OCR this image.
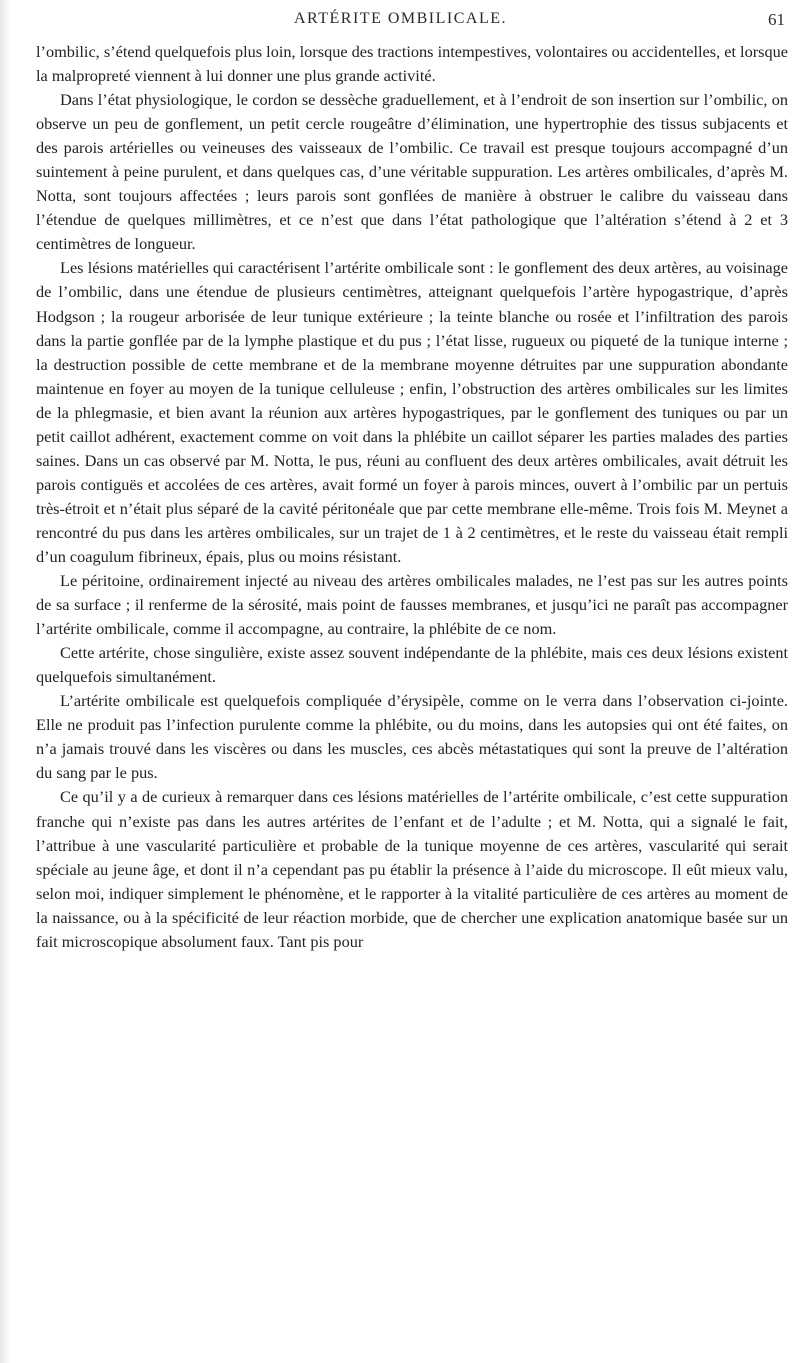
ARTÉRITE OMBILICALE.	61

l’ombilic, s’étend quelquefois plus loin, lorsque des tractions intempestives, volontaires ou accidentelles, et lorsque la malpropreté viennent à lui donner une plus grande activité.

Dans l’état physiologique, le cordon se dessèche graduellement, et à l’endroit de son insertion sur l’ombilic, on observe un peu de gonflement, un petit cercle rougeâtre d’élimination, une hypertrophie des tissus subjacents et des parois artérielles ou veineuses des vaisseaux de l’ombilic. Ce travail est presque toujours accompagné d’un suintement à peine purulent, et dans quelques cas, d’une véritable suppuration. Les artères ombilicales, d’après M. Notta, sont toujours affectées ; leurs parois sont gonflées de manière à obstruer le calibre du vaisseau dans l’étendue de quelques millimètres, et ce n’est que dans l’état pathologique que l’altération s’étend à 2 et 3 centimètres de longueur.

Les lésions matérielles qui caractérisent l’artérite ombilicale sont : le gonflement des deux artères, au voisinage de l’ombilic, dans une étendue de plusieurs centimètres, atteignant quelquefois l’artère hypogastrique, d’après Hodgson ; la rougeur arborisée de leur tunique extérieure ; la teinte blanche ou rosée et l’infiltration des parois dans la partie gonflée par de la lymphe plastique et du pus ; l’état lisse, rugueux ou piqueté de la tunique interne ; la destruction possible de cette membrane et de la membrane moyenne détruites par une suppuration abondante maintenue en foyer au moyen de la tunique celluleuse ; enfin, l’obstruction des artères ombilicales sur les limites de la phlegmasie, et bien avant la réunion aux artères hypogastriques, par le gonflement des tuniques ou par un petit caillot adhérent, exactement comme on voit dans la phlébite un caillot séparer les parties malades des parties saines. Dans un cas observé par M. Notta, le pus, réuni au confluent des deux artères ombilicales, avait détruit les parois contiguës et accolées de ces artères, avait formé un foyer à parois minces, ouvert à l’ombilic par un pertuis très-étroit et n’était plus séparé de la cavité péritonéale que par cette membrane elle-même. Trois fois M. Meynet a rencontré du pus dans les artères ombilicales, sur un trajet de 1 à 2 centimètres, et le reste du vaisseau était rempli d’un coagulum fibrineux, épais, plus ou moins résistant.

Le péritoine, ordinairement injecté au niveau des artères ombilicales malades, ne l’est pas sur les autres points de sa surface ; il renferme de la sérosité, mais point de fausses membranes, et jusqu’ici ne paraît pas accompagner l’artérite ombilicale, comme il accompagne, au contraire, la phlébite de ce nom.

Cette artérite, chose singulière, existe assez souvent indépendante de la phlébite, mais ces deux lésions existent quelquefois simultanément.

L’artérite ombilicale est quelquefois compliquée d’érysipèle, comme on le verra dans l’observation ci-jointe. Elle ne produit pas l’infection purulente comme la phlébite, ou du moins, dans les autopsies qui ont été faites, on n’a jamais trouvé dans les viscères ou dans les muscles, ces abcès métastatiques qui sont la preuve de l’altération du sang par le pus.

Ce qu’il y a de curieux à remarquer dans ces lésions matérielles de l’artérite ombilicale, c’est cette suppuration franche qui n’existe pas dans les autres artérites de l’enfant et de l’adulte ; et M. Notta, qui a signalé le fait, l’attribue à une vascularité particulière et probable de la tunique moyenne de ces artères, vascularité qui serait spéciale au jeune âge, et dont il n’a cependant pas pu établir la présence à l’aide du microscope. Il eût mieux valu, selon moi, indiquer simplement le phénomène, et le rapporter à la vitalité particulière de ces artères au moment de la naissance, ou à la spécificité de leur réaction morbide, que de chercher une explication anatomique basée sur un fait microscopique absolument faux. Tant pis pour
